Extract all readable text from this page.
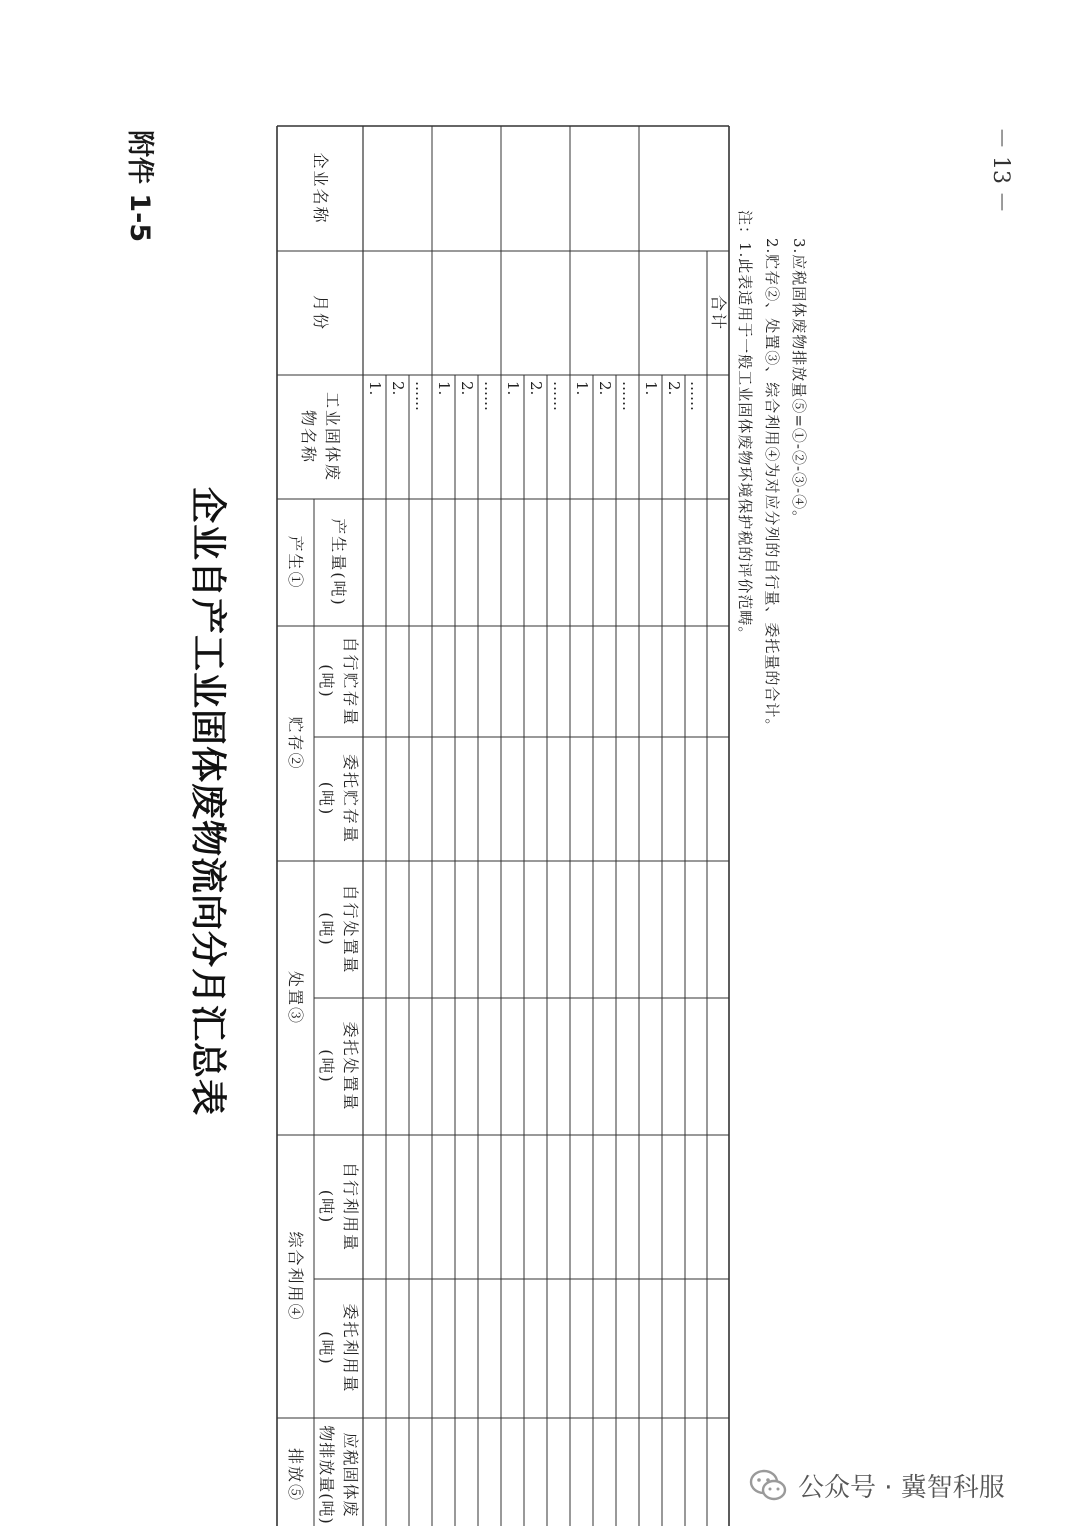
附件 1-5
企业自产工业固体废物流向分月汇总表
－ 13 －
企业名称
月份
工业固体废物名称
产生① 产生量(吨)
贮存②
自行贮存量(吨)
委托贮存量(吨)
处置③
自行处置量(吨)
委托处置量(吨)
综合利用④
自行利用量(吨)
委托利用量(吨)
排放⑤	应税固体废物排放量(吨)
1. 2. …… 1. 2. …… 1. 2. …… 1. 2. …… 1. 2. ……
合计 注：1.此表适用于一般工业固体废物环境保护税的评价范畴。 2.贮存②、处置③、综合利用④为对应分列的自行量、委托量的合计。 3.应税固体废物排放量⑤=①-②-③-④。
公众号 · 冀智科服
